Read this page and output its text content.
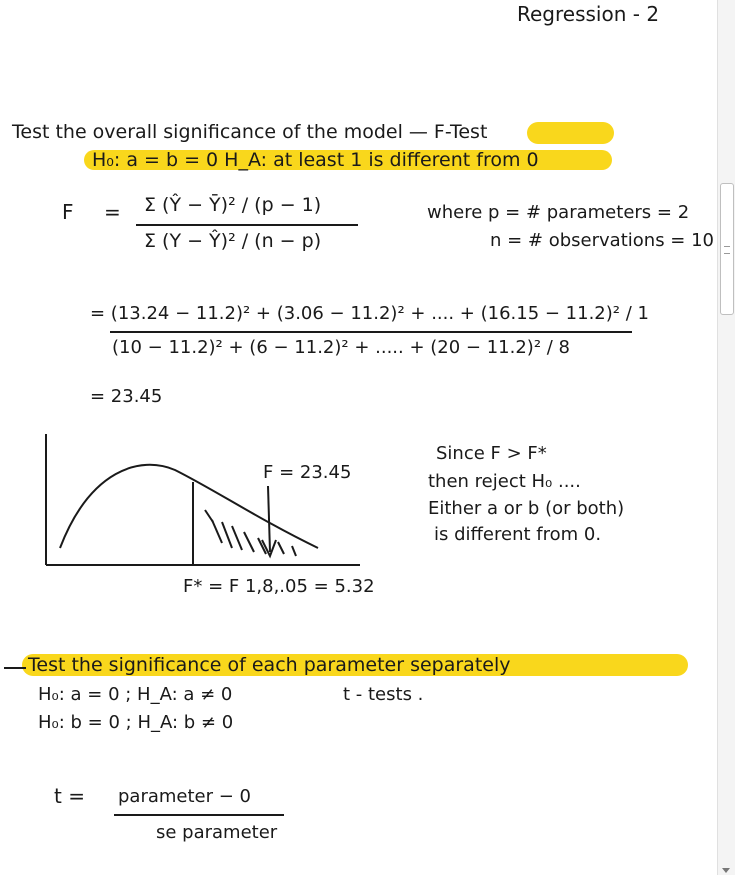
Regression - 2
Test the overall significance of the model — F-Test
H₀: a = b = 0 H_A: at least 1 is different from 0
F = Σ (Ŷ − Ȳ)² / (p − 1)
Σ (Y − Ŷ)² / (n − p)
where p = # parameters = 2
n = # observations = 10
= (13.24 − 11.2)² + (3.06 − 11.2)² + .... + (16.15 − 11.2)² / 1
(10 − 11.2)² + (6 − 11.2)² + ..... + (20 − 11.2)² / 8
= 23.45
F = 23.45
F* = F 1,8,.05 = 5.32
Since F > F*
then reject H₀ ....
Either a or b (or both)
is different from 0.
Test the significance of each parameter separately
H₀: a = 0 ; H_A: a ≠ 0	t - tests .
H₀: b = 0 ; H_A: b ≠ 0
t = parameter − 0
se parameter
